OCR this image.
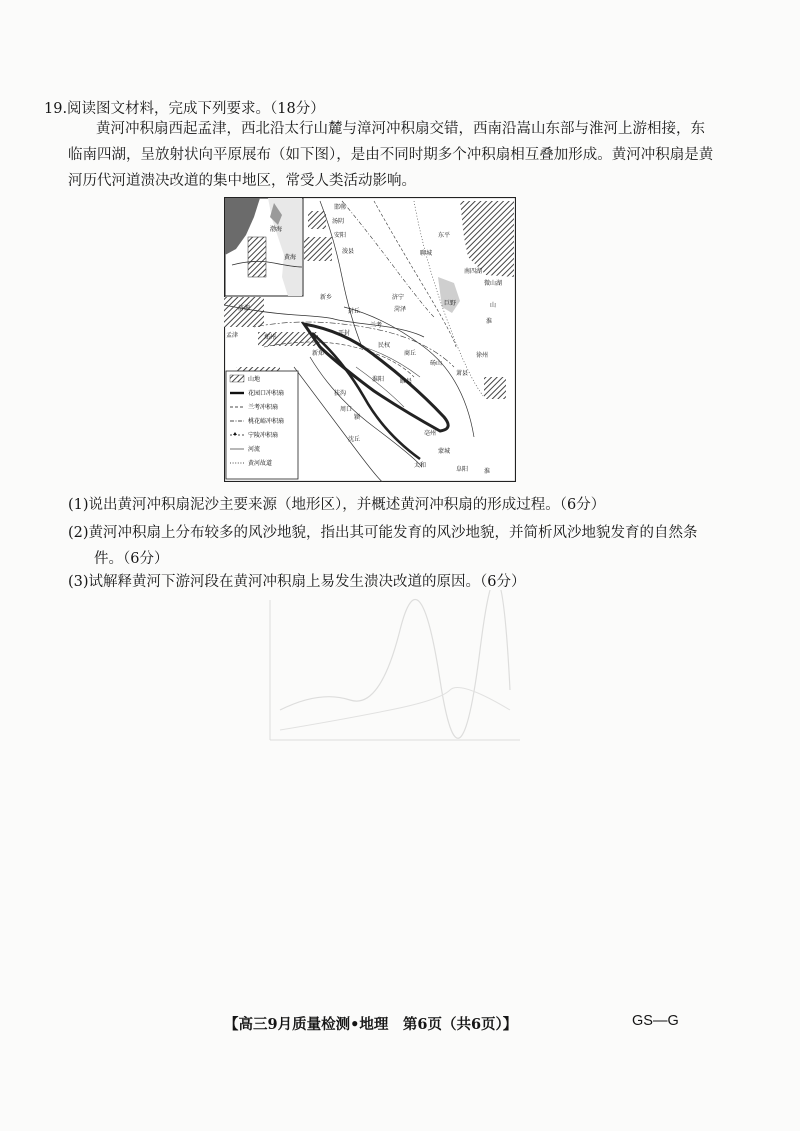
19.阅读图文材料，完成下列要求。（18分）
黄河冲积扇西起孟津，西北沿太行山麓与漳河冲积扇交错，西南沿嵩山东部与淮河上游相接，东
临南四湖，呈放射状向平原展布（如下图），是由不同时期多个冲积扇相互叠加形成。黄河冲积扇是黄
河历代河道溃决改道的集中地区，常受人类活动影响。
渤海
黄海
邯郸
安阳
汤阴
浚县	聊城
东平
济源
新乡
封丘	菏泽
济宁
巨野
孟津	郑州
开封
兰考
民权
商丘
砀山
徐州
新郑
扶沟
睢县
周口
淮阳
沈丘
阜阳
蒙城
亳州
太和
萧县
微山湖
山
淮
南四湖
颍
淮
山地
花园口冲积扇
兰考冲积扇
桃花峪冲积扇
宁陵冲积扇
河流
黄河故道
(1)说出黄河冲积扇泥沙主要来源（地形区），并概述黄河冲积扇的形成过程。（6分）
(2)黄河冲积扇上分布较多的风沙地貌，指出其可能发育的风沙地貌，并简析风沙地貌发育的自然条
件。（6分）
(3)试解释黄河下游河段在黄河冲积扇上易发生溃决改道的原因。（6分）
【高三9月质量检测•地理　第6页（共6页）】	GS—G
